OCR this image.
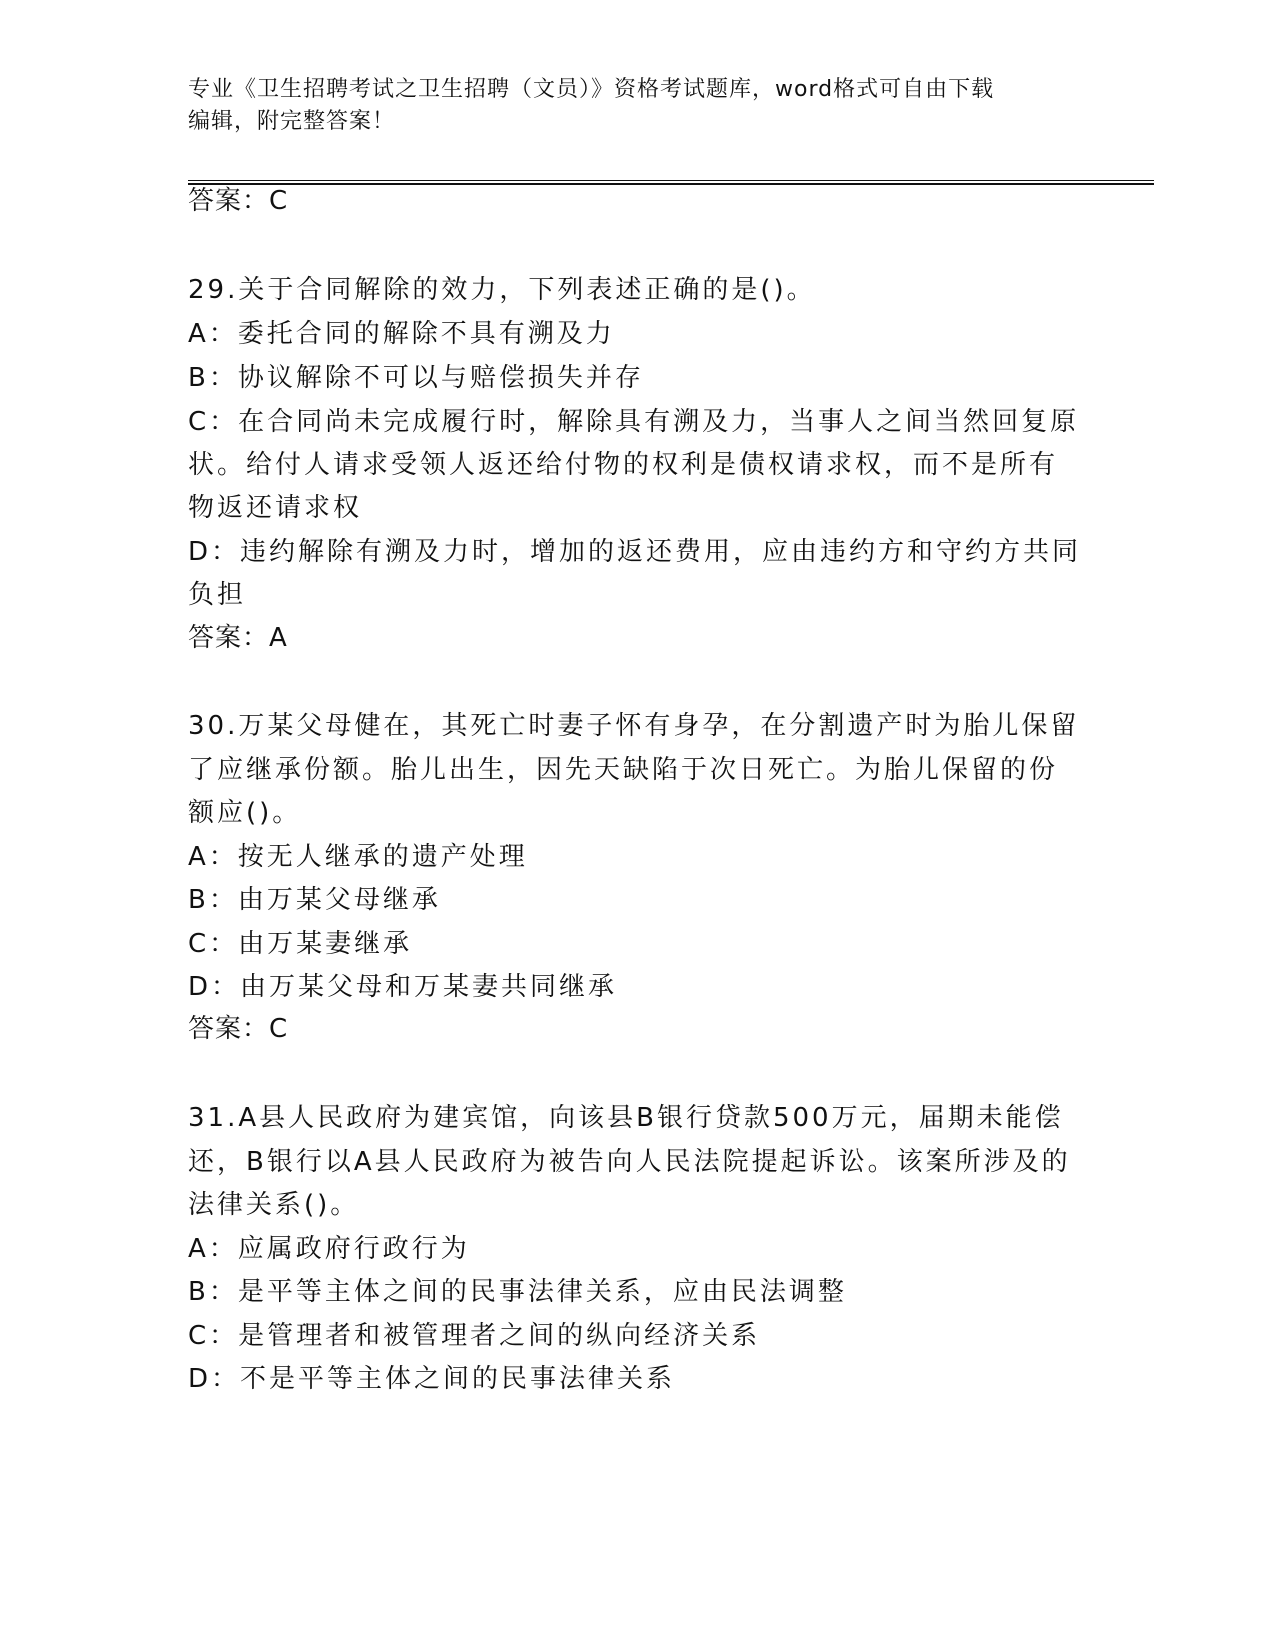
专业《卫生招聘考试之卫生招聘（文员）》资格考试题库，word格式可自由下载
编辑，附完整答案！
答案：C
29.关于合同解除的效力，下列表述正确的是()。
A：委托合同的解除不具有溯及力
B：协议解除不可以与赔偿损失并存
C：在合同尚未完成履行时，解除具有溯及力，当事人之间当然回复原
状。给付人请求受领人返还给付物的权利是债权请求权，而不是所有
物返还请求权
D：违约解除有溯及力时，增加的返还费用，应由违约方和守约方共同
负担
答案：A
30.万某父母健在，其死亡时妻子怀有身孕，在分割遗产时为胎儿保留
了应继承份额。胎儿出生，因先天缺陷于次日死亡。为胎儿保留的份
额应()。
A：按无人继承的遗产处理
B：由万某父母继承
C：由万某妻继承
D：由万某父母和万某妻共同继承
答案：C
31.A县人民政府为建宾馆，向该县B银行贷款500万元，届期未能偿
还，B银行以A县人民政府为被告向人民法院提起诉讼。该案所涉及的
法律关系()。
A：应属政府行政行为
B：是平等主体之间的民事法律关系，应由民法调整
C：是管理者和被管理者之间的纵向经济关系
D：不是平等主体之间的民事法律关系
